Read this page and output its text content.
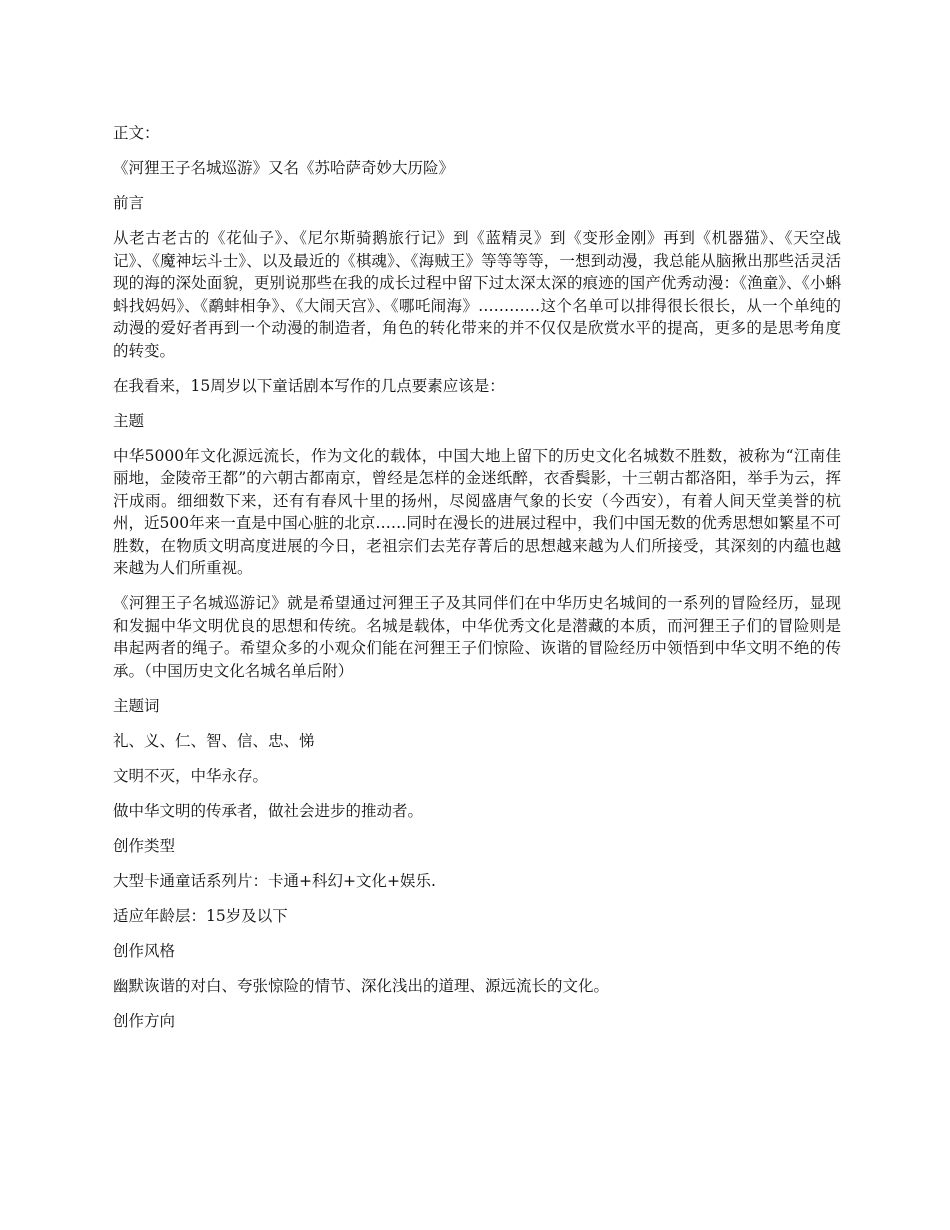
正文：

《河狸王子名城巡游》又名《苏哈萨奇妙大历险》

前言

从老古老古的《花仙子》、《尼尔斯骑鹅旅行记》到《蓝精灵》到《变形金刚》再到《机器猫》、《天空战记》、《魔神坛斗士》、以及最近的《棋魂》、《海贼王》等等等等，一想到动漫，我总能从脑揪出那些活灵活现的海的深处面貌，更别说那些在我的成长过程中留下过太深太深的痕迹的国产优秀动漫：《渔童》、《小蝌蚪找妈妈》、《鹬蚌相争》、《大闹天宫》、《哪吒闹海》…………这个名单可以排得很长很长，从一个单纯的动漫的爱好者再到一个动漫的制造者，角色的转化带来的并不仅仅是欣赏水平的提高，更多的是思考角度的转变。

在我看来，15周岁以下童话剧本写作的几点要素应该是：

主题

中华5000年文化源远流长，作为文化的载体，中国大地上留下的历史文化名城数不胜数，被称为“江南佳丽地，金陵帝王都”的六朝古都南京，曾经是怎样的金迷纸醉，衣香鬓影，十三朝古都洛阳，举手为云，挥汗成雨。细细数下来，还有有春风十里的扬州，尽阅盛唐气象的长安（今西安），有着人间天堂美誉的杭州，近500年来一直是中国心脏的北京……同时在漫长的进展过程中，我们中国无数的优秀思想如繁星不可胜数，在物质文明高度进展的今日，老祖宗们去芜存菁后的思想越来越为人们所接受，其深刻的内蕴也越来越为人们所重视。

《河狸王子名城巡游记》就是希望通过河狸王子及其同伴们在中华历史名城间的一系列的冒险经历，显现和发掘中华文明优良的思想和传统。名城是载体，中华优秀文化是潜藏的本质，而河狸王子们的冒险则是串起两者的绳子。希望众多的小观众们能在河狸王子们惊险、诙谐的冒险经历中领悟到中华文明不绝的传承。（中国历史文化名城名单后附）

主题词

礼、义、仁、智、信、忠、悌

文明不灭，中华永存。

做中华文明的传承者，做社会进步的推动者。

创作类型

大型卡通童话系列片：卡通+科幻+文化+娱乐.

适应年龄层：15岁及以下

创作风格

幽默诙谐的对白、夸张惊险的情节、深化浅出的道理、源远流长的文化。

创作方向
